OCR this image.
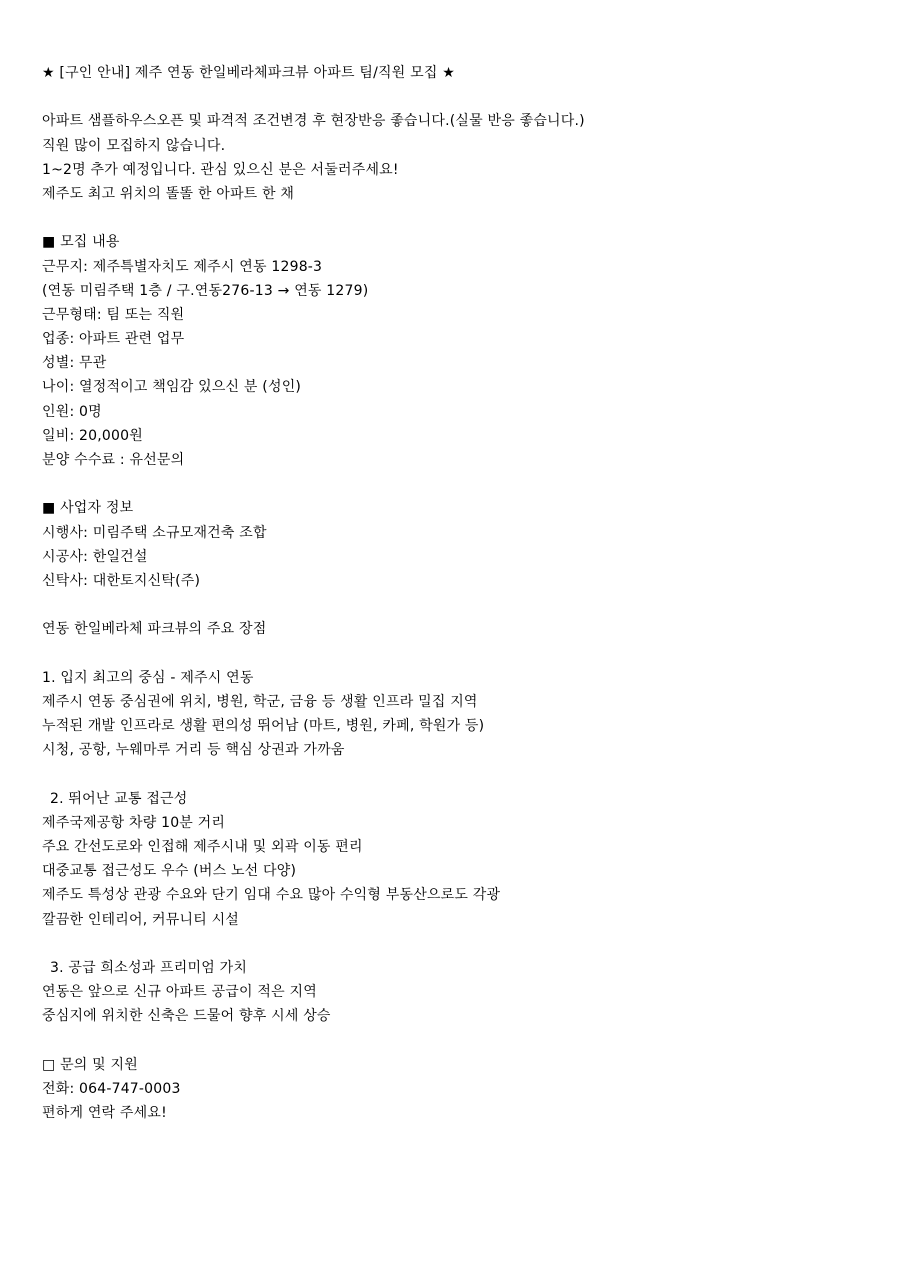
★ [구인 안내] 제주 연동 한일베라체파크뷰 아파트 팀/직원 모집 ★
아파트 샘플하우스오픈 및 파격적 조건변경 후 현장반응 좋습니다.(실물 반응 좋습니다.)
직원 많이 모집하지 않습니다.
1~2명 추가 예정입니다. 관심 있으신 분은 서둘러주세요!
제주도 최고 위치의 똘똘 한 아파트 한 채
■ 모집 내용
근무지: 제주특별자치도 제주시 연동 1298-3
(연동 미림주택 1층 / 구.연동276-13 → 연동 1279)
근무형태: 팀 또는 직원
업종: 아파트 관련 업무
성별: 무관
나이: 열정적이고 책임감 있으신 분 (성인)
인원: 0명
일비: 20,000원
분양 수수료 : 유선문의
■ 사업자 정보
시행사: 미림주택 소규모재건축 조합
시공사: 한일건설
신탁사: 대한토지신탁(주)
연동 한일베라체 파크뷰의 주요 장점
1. 입지 최고의 중심 - 제주시 연동
제주시 연동 중심권에 위치, 병원, 학군, 금융 등 생활 인프라 밀집 지역
누적된 개발 인프라로 생활 편의성 뛰어남 (마트, 병원, 카페, 학원가 등)
시청, 공항, 누웨마루 거리 등 핵심 상권과 가까움
2. 뛰어난 교통 접근성
제주국제공항 차량 10분 거리
주요 간선도로와 인접해 제주시내 및 외곽 이동 편리
대중교통 접근성도 우수 (버스 노선 다양)
제주도 특성상 관광 수요와 단기 임대 수요 많아 수익형 부동산으로도 각광
깔끔한 인테리어, 커뮤니티 시설
3. 공급 희소성과 프리미엄 가치
연동은 앞으로 신규 아파트 공급이 적은 지역
중심지에 위치한 신축은 드물어 향후 시세 상승
□ 문의 및 지원
전화: 064-747-0003
편하게 연락 주세요!
